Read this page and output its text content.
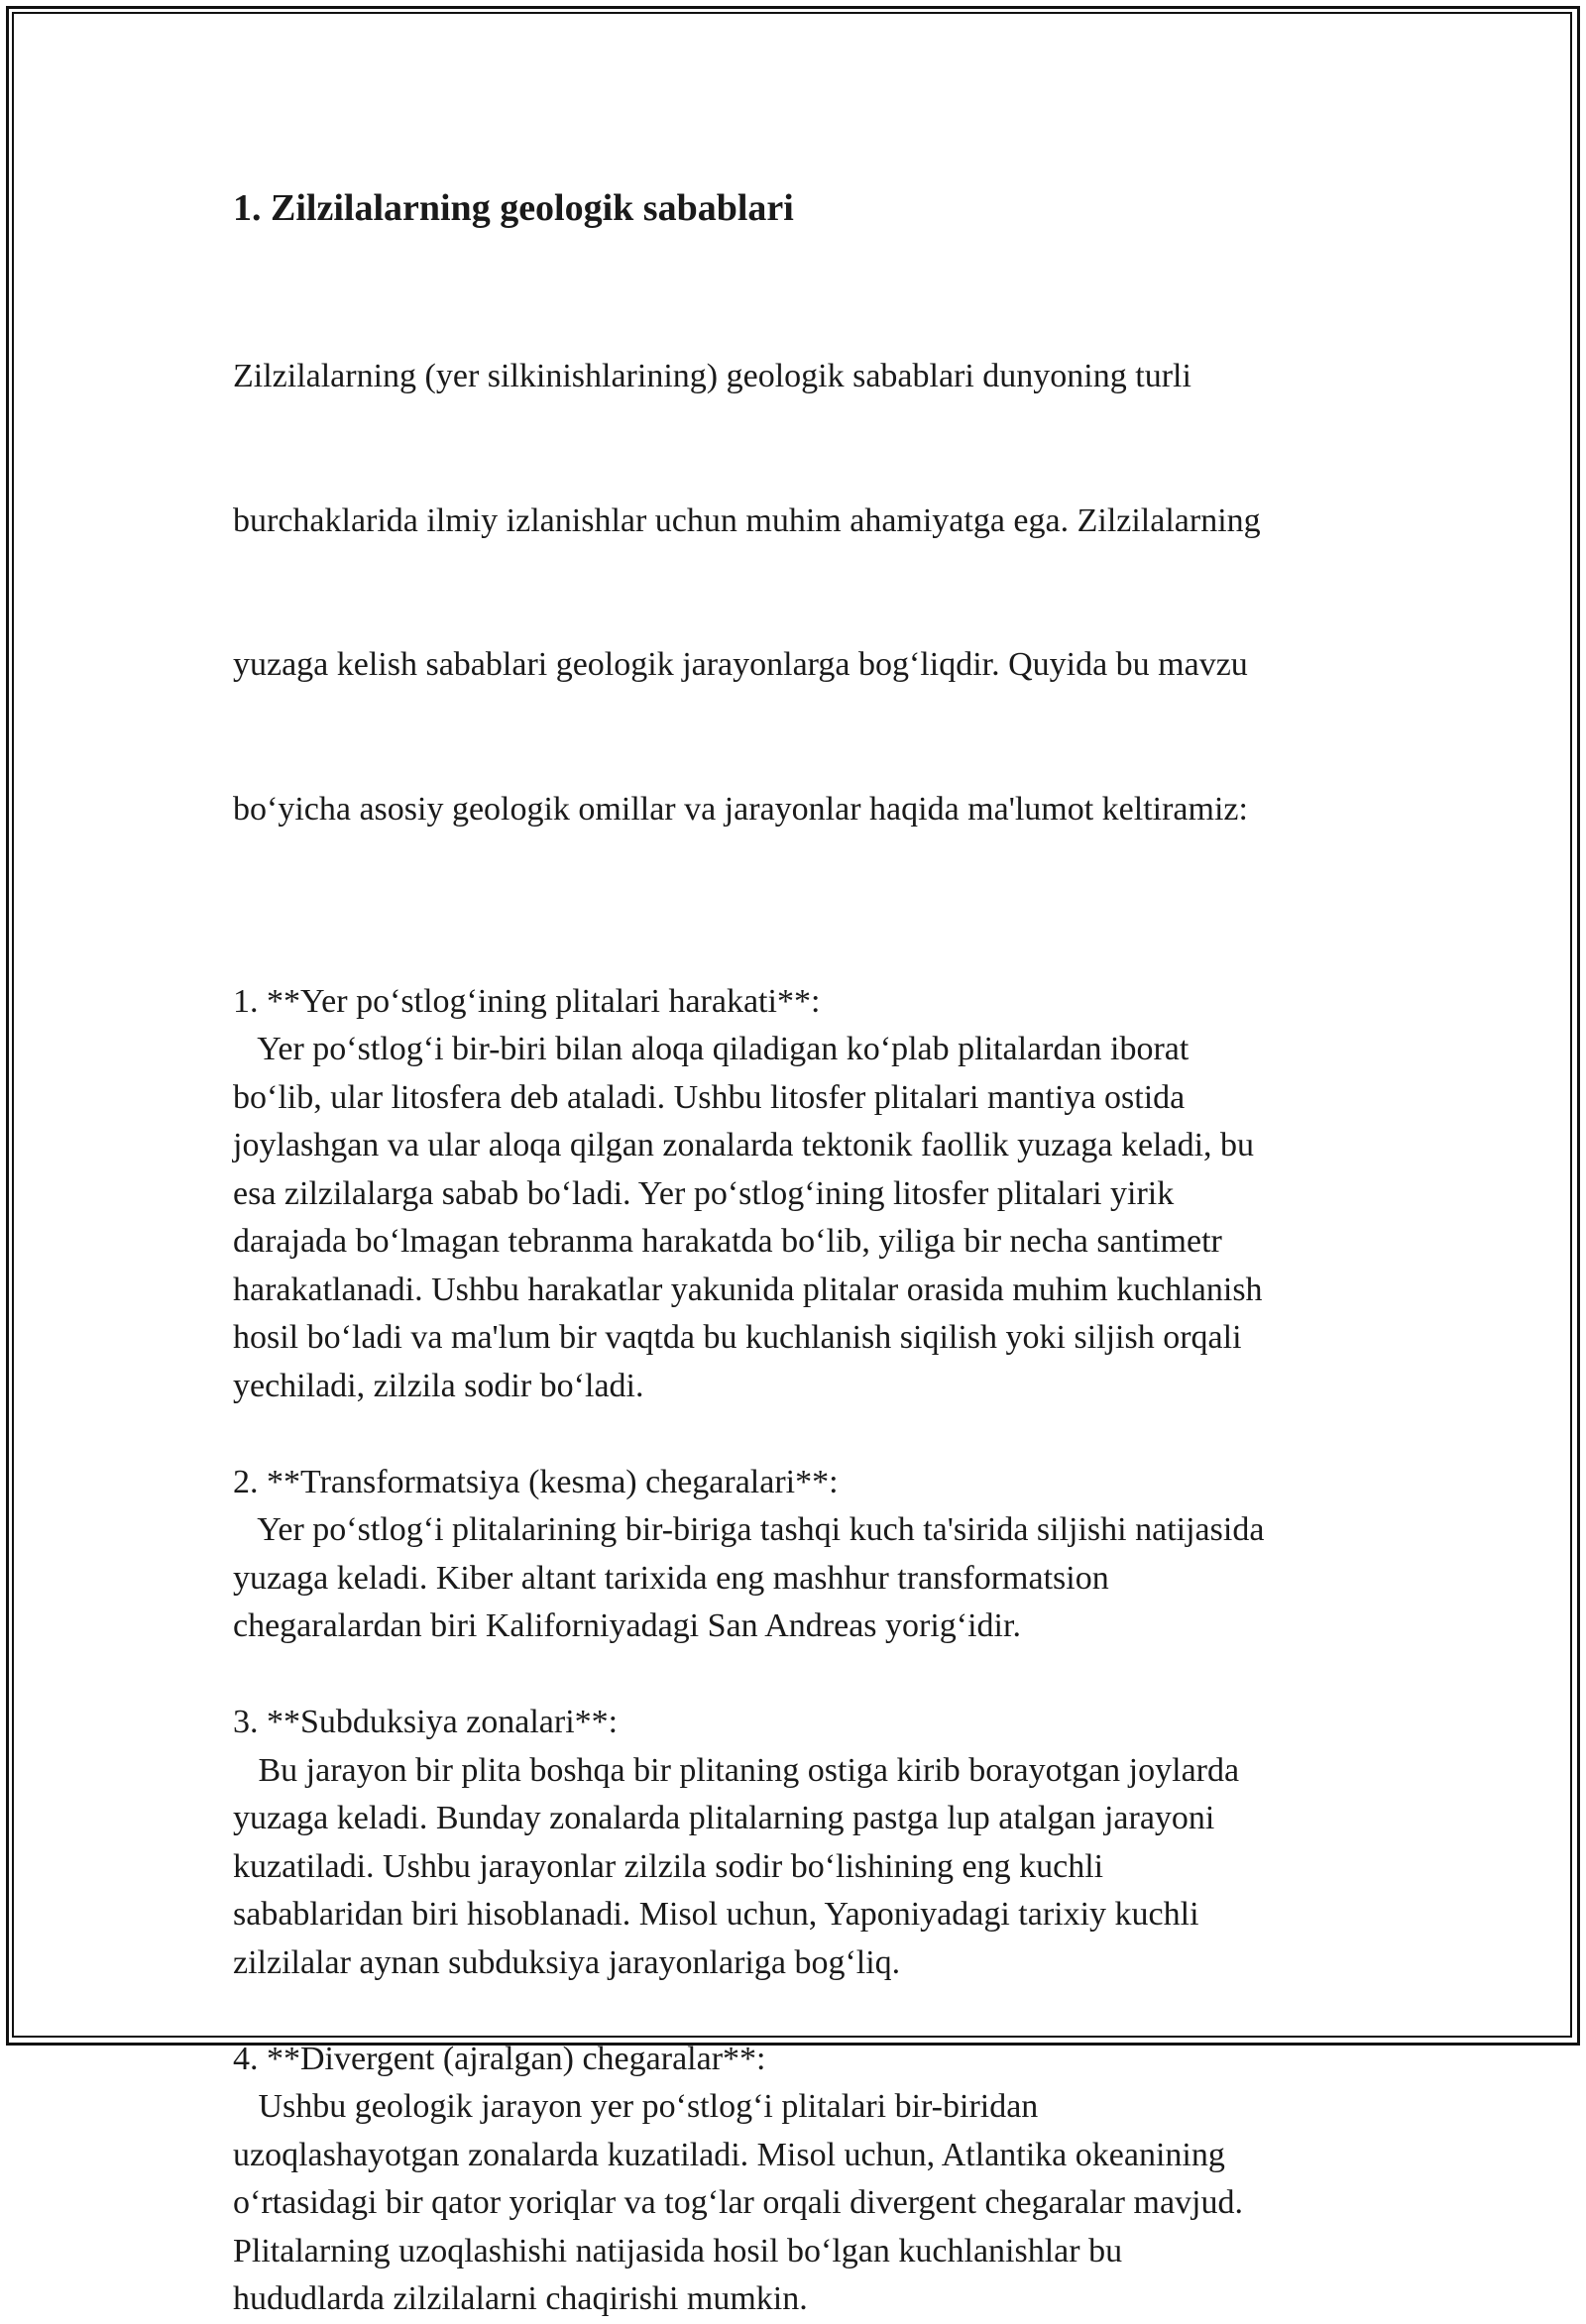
1. Zilzilalarning geologik sabablari

Zilzilalarning (yer silkinishlarining) geologik sabablari dunyoning turli

burchaklarida ilmiy izlanishlar uchun muhim ahamiyatga ega. Zilzilalarning

yuzaga kelish sabablari geologik jarayonlarga bog‘liqdir. Quyida bu mavzu

bo‘yicha asosiy geologik omillar va jarayonlar haqida ma'lumot keltiramiz:

1. **Yer po‘stlog‘ining plitalari harakati**:
Yer po‘stlog‘i bir-biri bilan aloqa qiladigan ko‘plab plitalardan iborat
bo‘lib, ular litosfera deb ataladi. Ushbu litosfer plitalari mantiya ostida
joylashgan va ular aloqa qilgan zonalarda tektonik faollik yuzaga keladi, bu
esa zilzilalarga sabab bo‘ladi. Yer po‘stlog‘ining litosfer plitalari yirik
darajada bo‘lmagan tebranma harakatda bo‘lib, yiliga bir necha santimetr
harakatlanadi. Ushbu harakatlar yakunida plitalar orasida muhim kuchlanish
hosil bo‘ladi va ma'lum bir vaqtda bu kuchlanish siqilish yoki siljish orqali
yechiladi, zilzila sodir bo‘ladi.
2. **Transformatsiya (kesma) chegaralari**:
Yer po‘stlog‘i plitalarining bir-biriga tashqi kuch ta'sirida siljishi natijasida
yuzaga keladi. Kiber altant tarixida eng mashhur transformatsion
chegaralardan biri Kaliforniyadagi San Andreas yorig‘idir.
3. **Subduksiya zonalari**:
Bu jarayon bir plita boshqa bir plitaning ostiga kirib borayotgan joylarda
yuzaga keladi. Bunday zonalarda plitalarning pastga lup atalgan jarayoni
kuzatiladi. Ushbu jarayonlar zilzila sodir bo‘lishining eng kuchli
sabablaridan biri hisoblanadi. Misol uchun, Yaponiyadagi tarixiy kuchli
zilzilalar aynan subduksiya jarayonlariga bog‘liq.
4. **Divergent (ajralgan) chegaralar**:
Ushbu geologik jarayon yer po‘stlog‘i plitalari bir-biridan
uzoqlashayotgan zonalarda kuzatiladi. Misol uchun, Atlantika okeanining
o‘rtasidagi bir qator yoriqlar va tog‘lar orqali divergent chegaralar mavjud.
Plitalarning uzoqlashishi natijasida hosil bo‘lgan kuchlanishlar bu
hududlarda zilzilalarni chaqirishi mumkin.
